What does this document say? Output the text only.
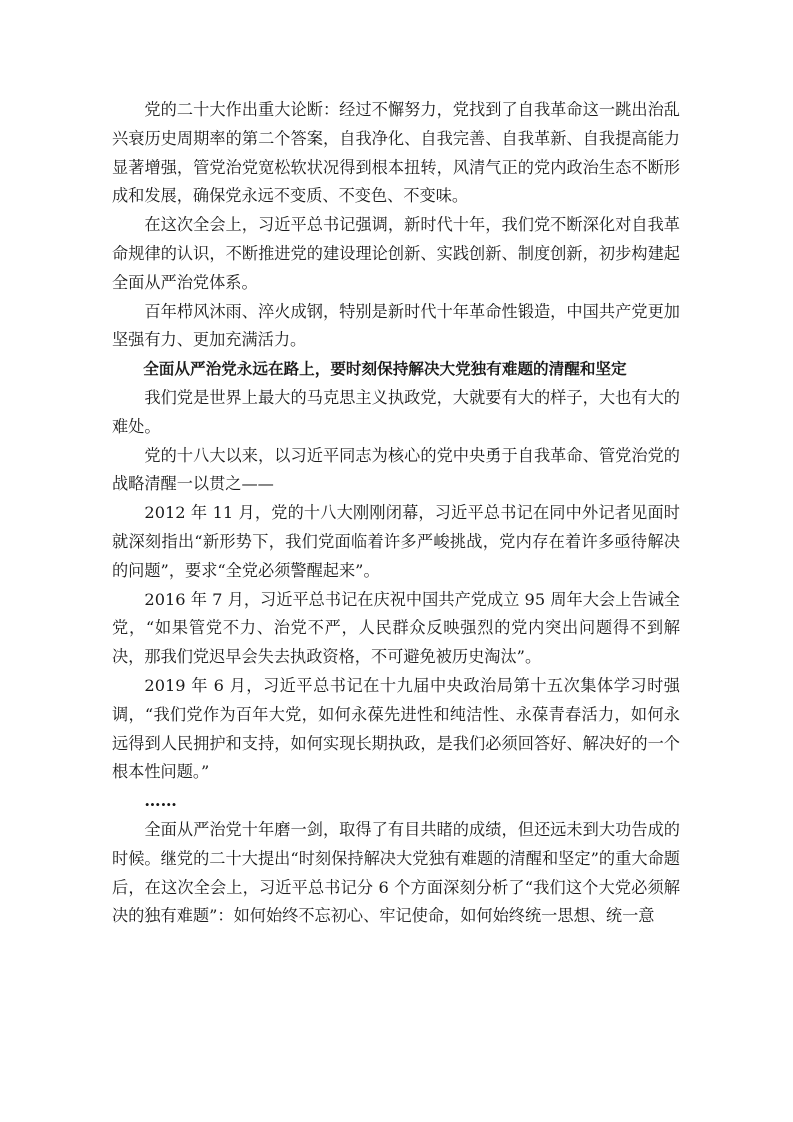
党的二十大作出重大论断：经过不懈努力，党找到了自我革命这一跳出治乱兴衰历史周期率的第二个答案，自我净化、自我完善、自我革新、自我提高能力显著增强，管党治党宽松软状况得到根本扭转，风清气正的党内政治生态不断形成和发展，确保党永远不变质、不变色、不变味。

在这次全会上，习近平总书记强调，新时代十年，我们党不断深化对自我革命规律的认识，不断推进党的建设理论创新、实践创新、制度创新，初步构建起全面从严治党体系。

百年栉风沐雨、淬火成钢，特别是新时代十年革命性锻造，中国共产党更加坚强有力、更加充满活力。

全面从严治党永远在路上，要时刻保持解决大党独有难题的清醒和坚定

我们党是世界上最大的马克思主义执政党，大就要有大的样子，大也有大的难处。

党的十八大以来，以习近平同志为核心的党中央勇于自我革命、管党治党的战略清醒一以贯之——

2012 年 11 月，党的十八大刚刚闭幕，习近平总书记在同中外记者见面时就深刻指出“新形势下，我们党面临着许多严峻挑战，党内存在着许多亟待解决的问题”，要求“全党必须警醒起来”。

2016 年 7 月，习近平总书记在庆祝中国共产党成立 95 周年大会上告诫全党，“如果管党不力、治党不严，人民群众反映强烈的党内突出问题得不到解决，那我们党迟早会失去执政资格，不可避免被历史淘汰”。

2019 年 6 月，习近平总书记在十九届中央政治局第十五次集体学习时强调，“我们党作为百年大党，如何永葆先进性和纯洁性、永葆青春活力，如何永远得到人民拥护和支持，如何实现长期执政，是我们必须回答好、解决好的一个根本性问题。”

……

全面从严治党十年磨一剑，取得了有目共睹的成绩，但还远未到大功告成的时候。继党的二十大提出“时刻保持解决大党独有难题的清醒和坚定”的重大命题后，在这次全会上，习近平总书记分 6 个方面深刻分析了“我们这个大党必须解决的独有难题”：如何始终不忘初心、牢记使命，如何始终统一思想、统一意
